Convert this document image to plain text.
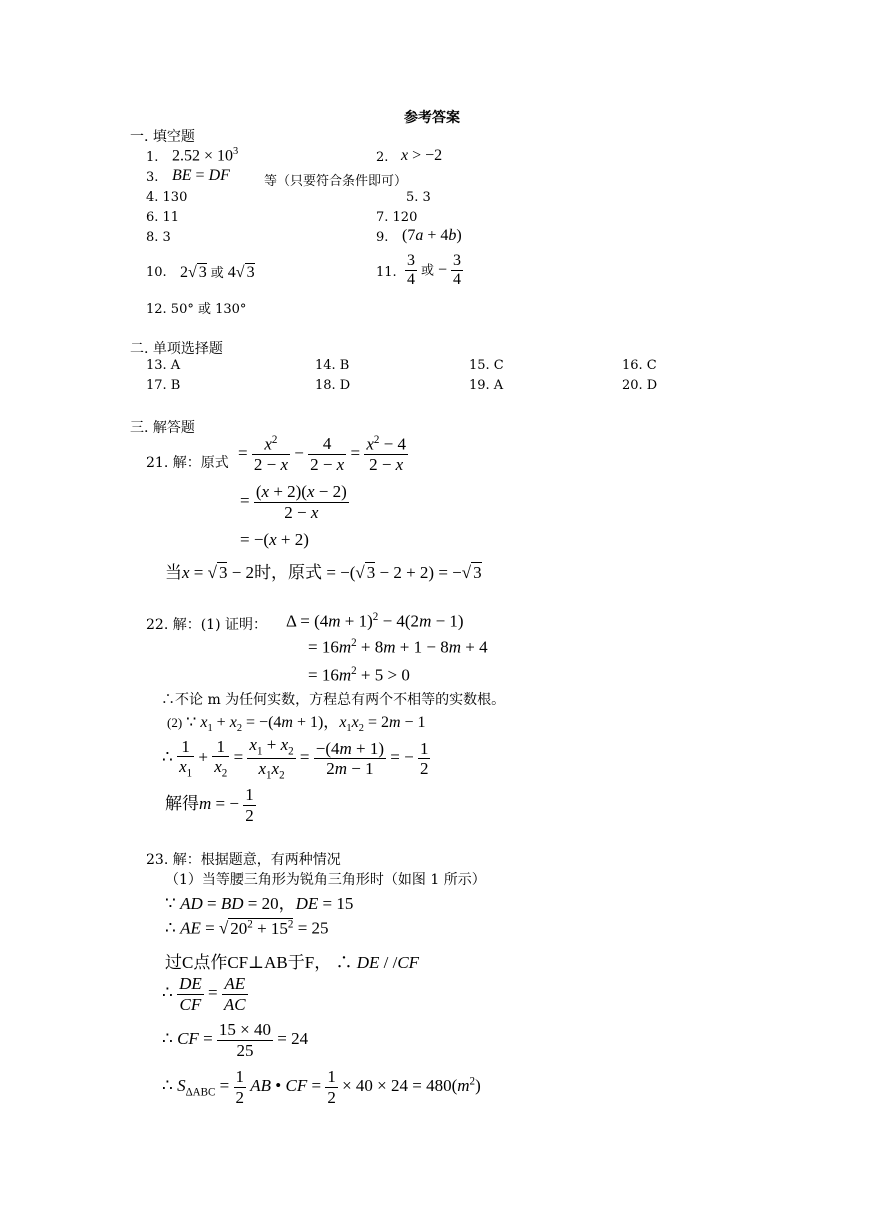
参考答案
一. 填空题
1. $2.52 \times 10^3$	2. x > −2
3. BE = DF	等（只要符合条件即可）
4. 130	5. 3
6. 11	7. 120
8. 3	9. (7a + 4b)
10. 2√ 3 或 4√ 3	11. $\frac{3}{4}$ 或 − $\frac{3}{4}$
12. 50° 或 130°
二. 单项选择题
13. A	14. B	15. C	16. C
17. B	18. D	19. A	20. D
三. 解答题
21. 解：原式
= $\frac{x^2}{2 - x} - \frac{4}{2 - x} = \frac{x^2 - 4}{2 - x}$
= $\frac{(x + 2)(x - 2)}{2 - x}$
= −(x + 2)
当x = √ 3 − 2时，原式 = −(√ 3 − 2 + 2) = −√ 3
22. 解：(1) 证明： $\Delta = (4m + 1)^2 - 4(2m - 1)$
= $16m^2 + 8m + 1 - 8m + 4$
= $16m^2 + 5 > 0$
∴不论 m 为任何实数，方程总有两个不相等的实数根。
(2) ∵ $x_1 + x_2 = -(4m + 1)$，$x_1x_2 = 2m - 1$
∴ $\frac{1}{x_1} + \frac{1}{x_2} = \frac{x_1 + x_2}{x_1x_2} = \frac{-(4m + 1)}{2m - 1}$ = − $\frac{1}{2}$
解得m = − $\frac{1}{2}$
23. 解：根据题意，有两种情况
（1）当等腰三角形为锐角三角形时（如图 1 所示）
∵ AD = BD = 20，DE = 15
∴ AE = √ $20^2 + 15^2 = 25$
过C点作CF⊥AB于F， ∴ DE / /CF
∴ $\frac{DE}{CF} = \frac{AE}{AC}$
∴ CF = $\frac{15 \times 40}{25} = 24$
∴ $S_{\Delta ABC} = \frac{1}{2}$ AB • CF = $\frac{1}{2} \times 40 \times 24 = 480(m^2)$
